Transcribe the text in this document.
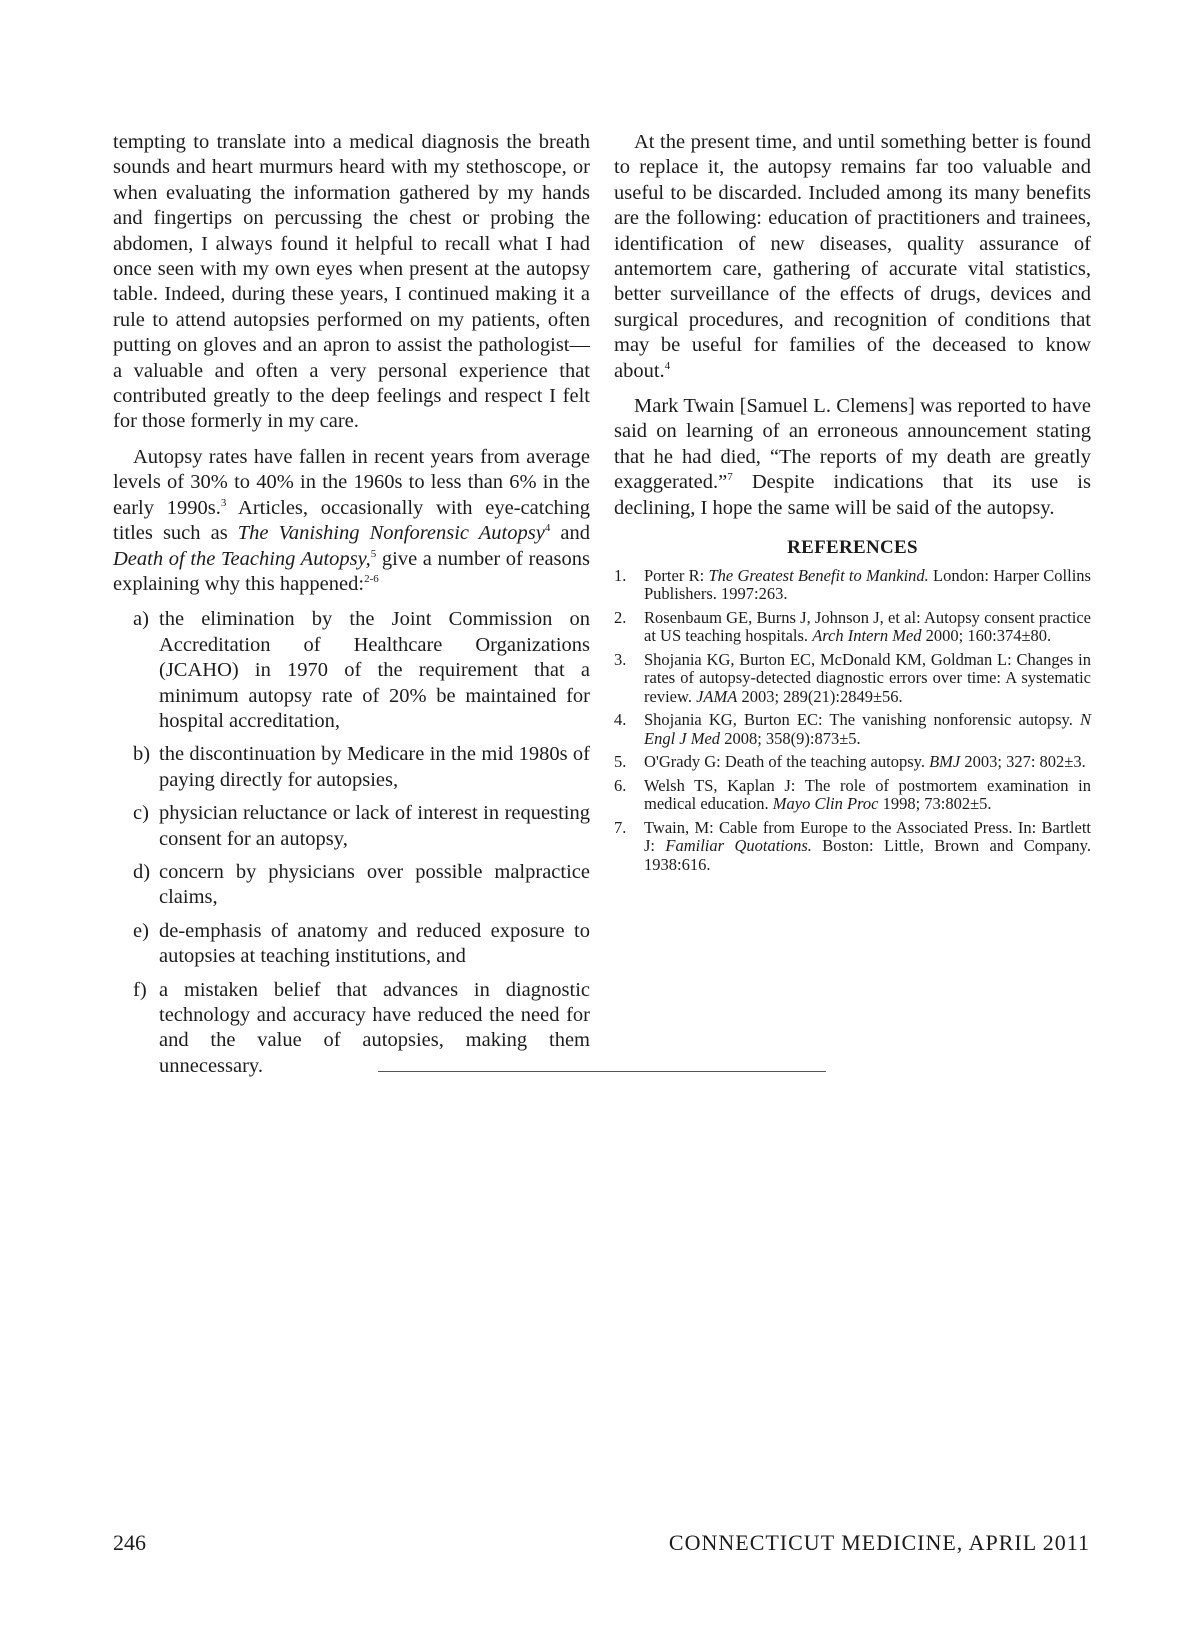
tempting to translate into a medical diagnosis the breath sounds and heart murmurs heard with my stethoscope, or when evaluating the information gathered by my hands and fingertips on percussing the chest or probing the abdomen, I always found it helpful to recall what I had once seen with my own eyes when present at the autopsy table. Indeed, during these years, I continued making it a rule to attend autopsies performed on my patients, often putting on gloves and an apron to assist the pathologist— a valuable and often a very personal experience that contributed greatly to the deep feelings and respect I felt for those formerly in my care.

Autopsy rates have fallen in recent years from average levels of 30% to 40% in the 1960s to less than 6% in the early 1990s.$^3$ Articles, occasionally with eye-catching titles such as The Vanishing Nonforensic Autopsy$^4$ and Death of the Teaching Autopsy,$^5$ give a number of reasons explaining why this happened:$^{2-6}$

a) the elimination by the Joint Commission on Accreditation of Healthcare Organizations (JCAHO) in 1970 of the requirement that a minimum autopsy rate of 20% be maintained for hospital accreditation,
b) the discontinuation by Medicare in the mid 1980s of paying directly for autopsies,
c) physician reluctance or lack of interest in requesting consent for an autopsy,
d) concern by physicians over possible malpractice claims,
e) de-emphasis of anatomy and reduced exposure to autopsies at teaching institutions, and
f) a mistaken belief that advances in diagnostic technology and accuracy have reduced the need for and the value of autopsies, making them unnecessary.

At the present time, and until something better is found to replace it, the autopsy remains far too valuable and useful to be discarded. Included among its many benefits are the following: education of practitioners and trainees, identification of new diseases, quality assurance of antemortem care, gathering of accurate vital statistics, better surveillance of the effects of drugs, devices and surgical procedures, and recognition of conditions that may be useful for families of the deceased to know about.$^4$

Mark Twain [Samuel L. Clemens] was reported to have said on learning of an erroneous announcement stating that he had died, “The reports of my death are greatly exaggerated.”$^7$ Despite indications that its use is declining, I hope the same will be said of the autopsy.

REFERENCES
1.	Porter R: The Greatest Benefit to Mankind. London: Harper Collins Publishers. 1997:263.
2.	Rosenbaum GE, Burns J, Johnson J, et al: Autopsy consent practice at US teaching hospitals. Arch Intern Med 2000; 160:374±80.
3.	Shojania KG, Burton EC, McDonald KM, Goldman L: Changes in rates of autopsy-detected diagnostic errors over time: A systematic review. JAMA 2003; 289(21):2849±56.
4.	Shojania KG, Burton EC: The vanishing nonforensic autopsy. N Engl J Med 2008; 358(9):873±5.
5.	O'Grady G: Death of the teaching autopsy. BMJ 2003; 327: 802±3.
6.	Welsh TS, Kaplan J: The role of postmortem examination in medical education. Mayo Clin Proc 1998; 73:802±5.
7.	Twain, M: Cable from Europe to the Associated Press. In: Bartlett J: Familiar Quotations. Boston: Little, Brown and Company. 1938:616.
246	CONNECTICUT MEDICINE, APRIL 2011
